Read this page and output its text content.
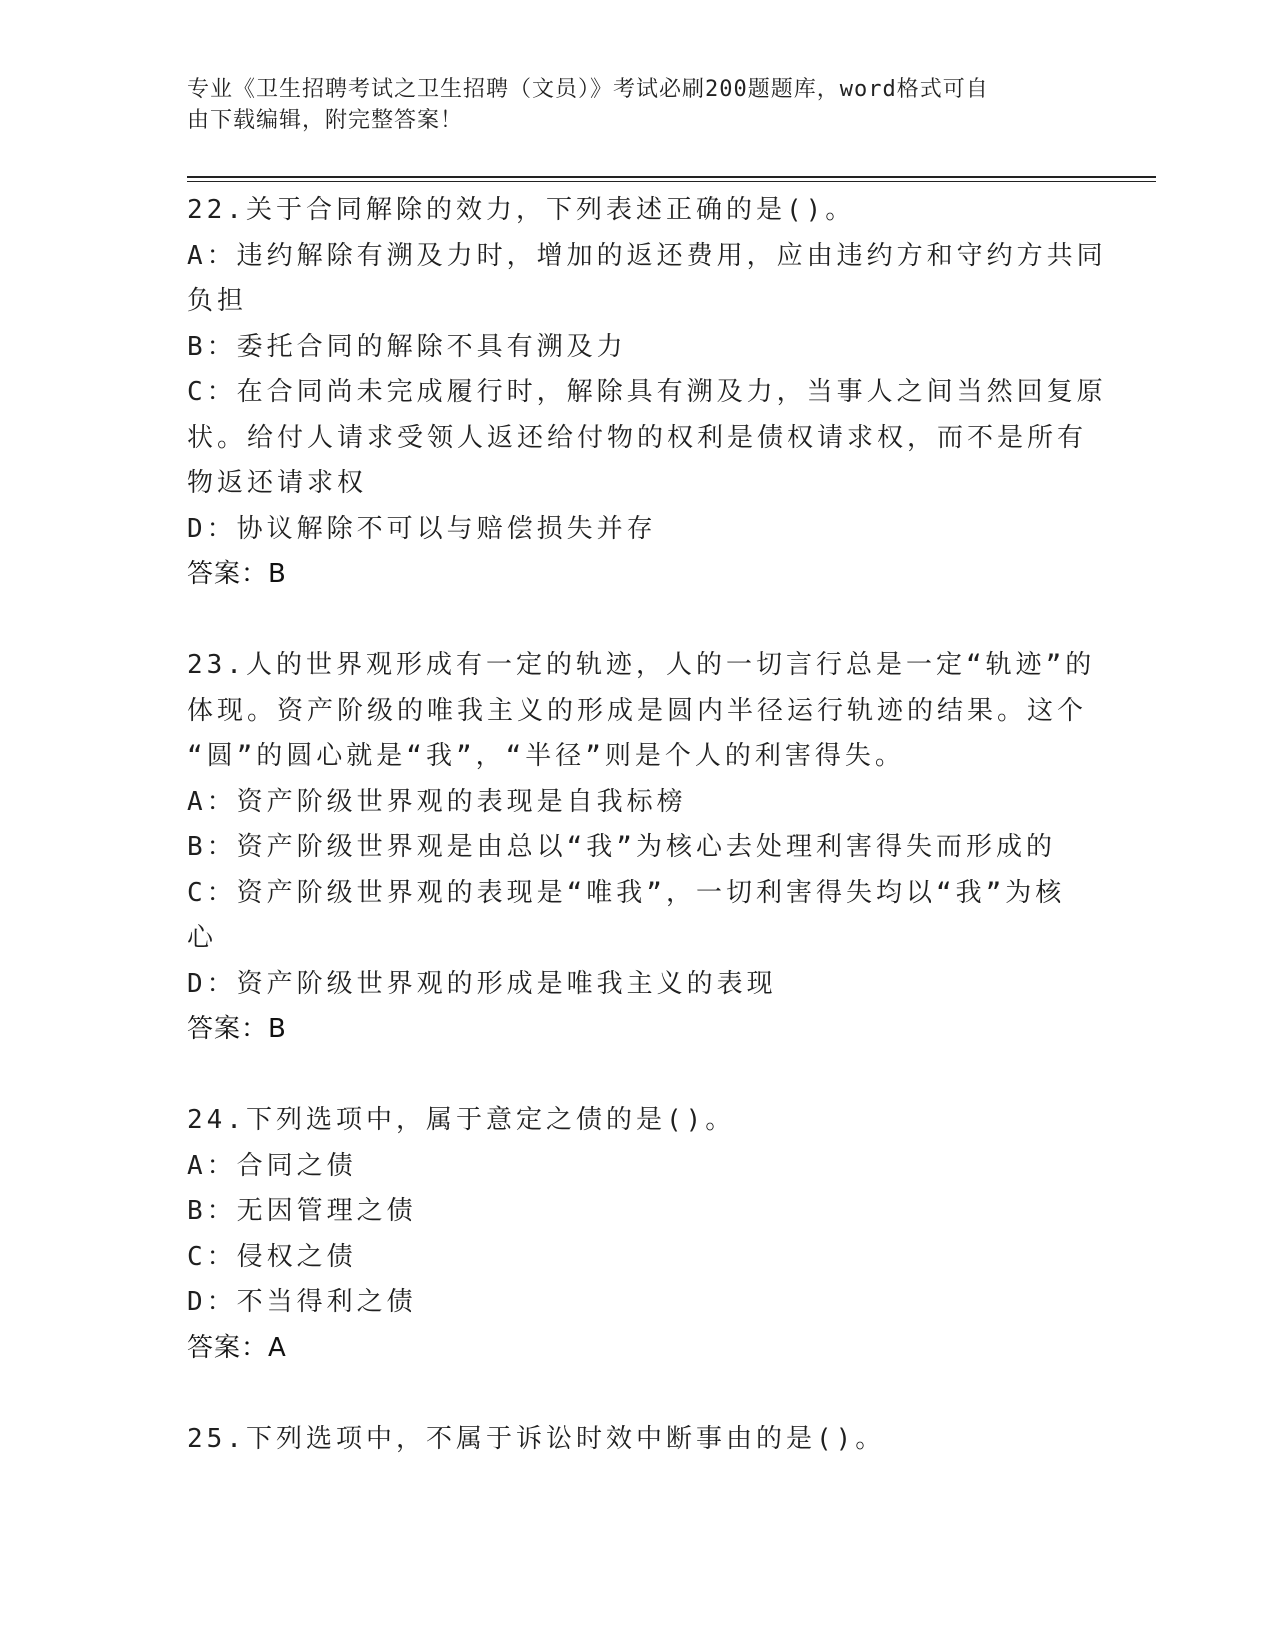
专业《卫生招聘考试之卫生招聘（文员）》考试必刷200题题库，word格式可自
由下载编辑，附完整答案！
22.关于合同解除的效力，下列表述正确的是()。
A：违约解除有溯及力时，增加的返还费用，应由违约方和守约方共同
负担
B：委托合同的解除不具有溯及力
C：在合同尚未完成履行时，解除具有溯及力，当事人之间当然回复原
状。给付人请求受领人返还给付物的权利是债权请求权，而不是所有
物返还请求权
D：协议解除不可以与赔偿损失并存
答案：B
23.人的世界观形成有一定的轨迹，人的一切言行总是一定“轨迹”的
体现。资产阶级的唯我主义的形成是圆内半径运行轨迹的结果。这个
“圆”的圆心就是“我”，“半径”则是个人的利害得失。
A：资产阶级世界观的表现是自我标榜
B：资产阶级世界观是由总以“我”为核心去处理利害得失而形成的
C：资产阶级世界观的表现是“唯我”，一切利害得失均以“我”为核
心
D：资产阶级世界观的形成是唯我主义的表现
答案：B
24.下列选项中，属于意定之债的是()。
A：合同之债
B：无因管理之债
C：侵权之债
D：不当得利之债
答案：A
25.下列选项中，不属于诉讼时效中断事由的是()。
